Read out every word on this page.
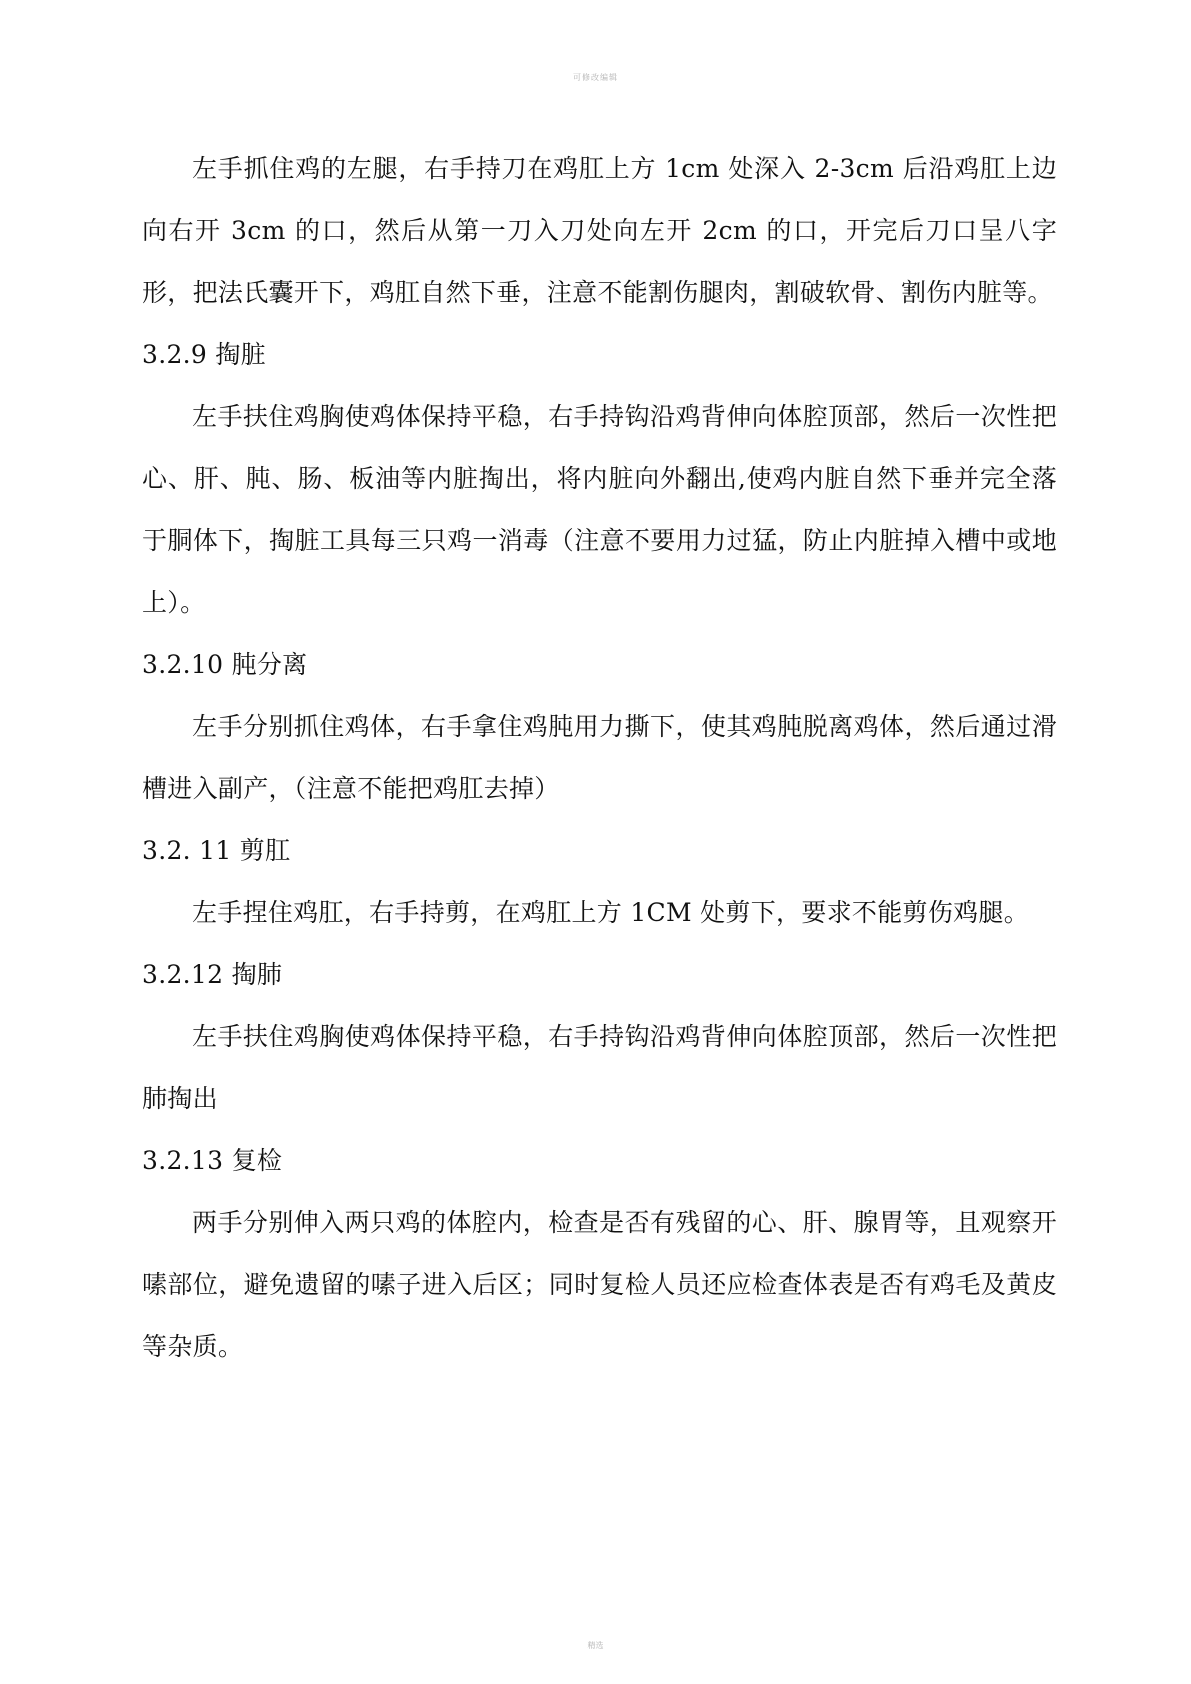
可修改编辑

左手抓住鸡的左腿，右手持刀在鸡肛上方 1cm 处深入 2-3cm 后沿鸡肛上边向右开 3cm 的口，然后从第一刀入刀处向左开 2cm 的口，开完后刀口呈八字形，把法氏囊开下，鸡肛自然下垂，注意不能割伤腿肉，割破软骨、割伤内脏等。

3.2.9 掏脏

左手扶住鸡胸使鸡体保持平稳，右手持钩沿鸡背伸向体腔顶部，然后一次性把心、肝、肫、肠、板油等内脏掏出，将内脏向外翻出,使鸡内脏自然下垂并完全落于胴体下，掏脏工具每三只鸡一消毒（注意不要用力过猛，防止内脏掉入槽中或地上）。

3.2.10 肫分离

左手分别抓住鸡体，右手拿住鸡肫用力撕下，使其鸡肫脱离鸡体，然后通过滑槽进入副产，（注意不能把鸡肛去掉）

3.2. 11 剪肛

左手捏住鸡肛，右手持剪，在鸡肛上方 1CM 处剪下，要求不能剪伤鸡腿。

3.2.12 掏肺

左手扶住鸡胸使鸡体保持平稳，右手持钩沿鸡背伸向体腔顶部，然后一次性把肺掏出

3.2.13 复检

两手分别伸入两只鸡的体腔内，检查是否有残留的心、肝、腺胃等，且观察开嗉部位，避免遗留的嗉子进入后区；同时复检人员还应检查体表是否有鸡毛及黄皮等杂质。

精选
